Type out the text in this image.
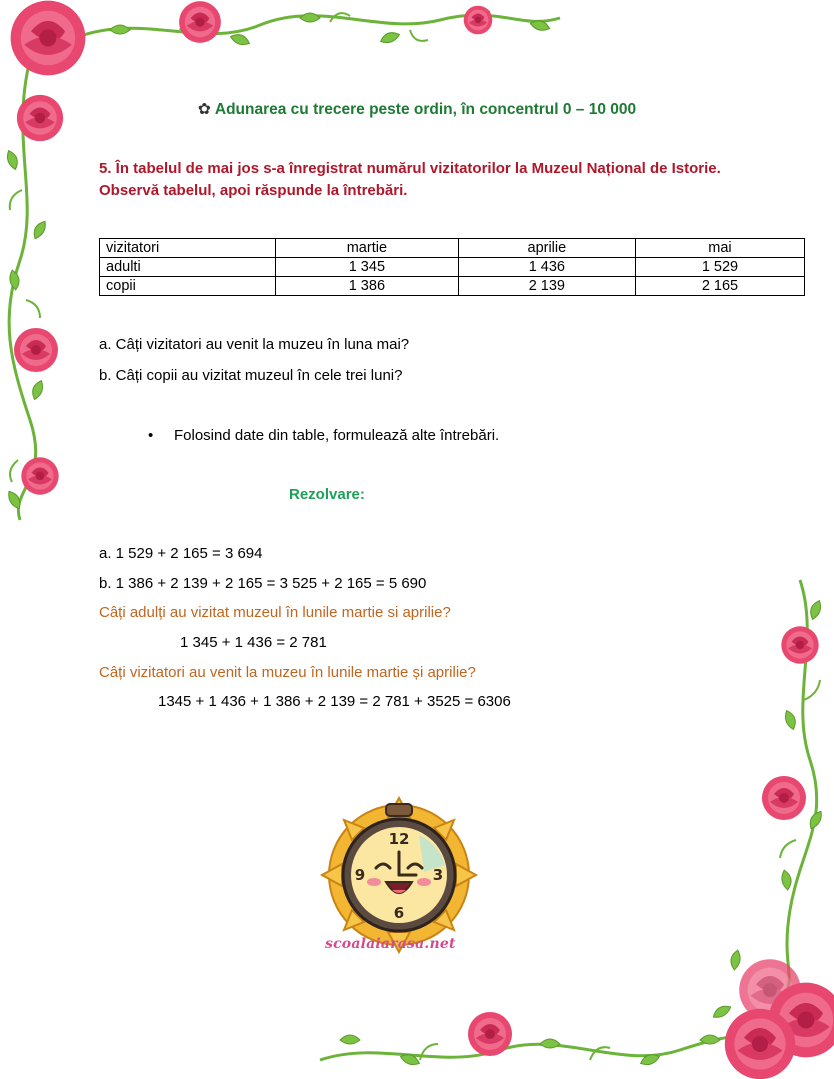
✿ Adunarea cu trecere peste ordin, în concentrul 0 – 10 000
5. În tabelul de mai jos s-a înregistrat numărul vizitatorilor la Muzeul Național de Istorie. Observă tabelul, apoi răspunde la întrebări.
vizitatori	martie	aprilie	mai
adulti	1 345	1 436	1 529
copii	1 386	2 139	2 165
a. Câți vizitatori au venit la muzeu în luna mai?
b. Câți copii au vizitat muzeul în cele trei luni?
• Folosind date din table, formulează alte întrebări.
Rezolvare:
a. 1 529 + 2 165 = 3 694
b. 1 386 + 2 139 + 2 165 = 3 525 + 2 165 = 5 690
Câți adulți au vizitat muzeul în lunile martie si aprilie?
1 345 + 1 436 = 2 781
Câți vizitatori au venit la muzeu în lunile martie și aprilie?
1345 + 1 436 + 1 386 + 2 139 = 2 781 + 3525 = 6306
12
3
6
9
scoalaiarasa.net
